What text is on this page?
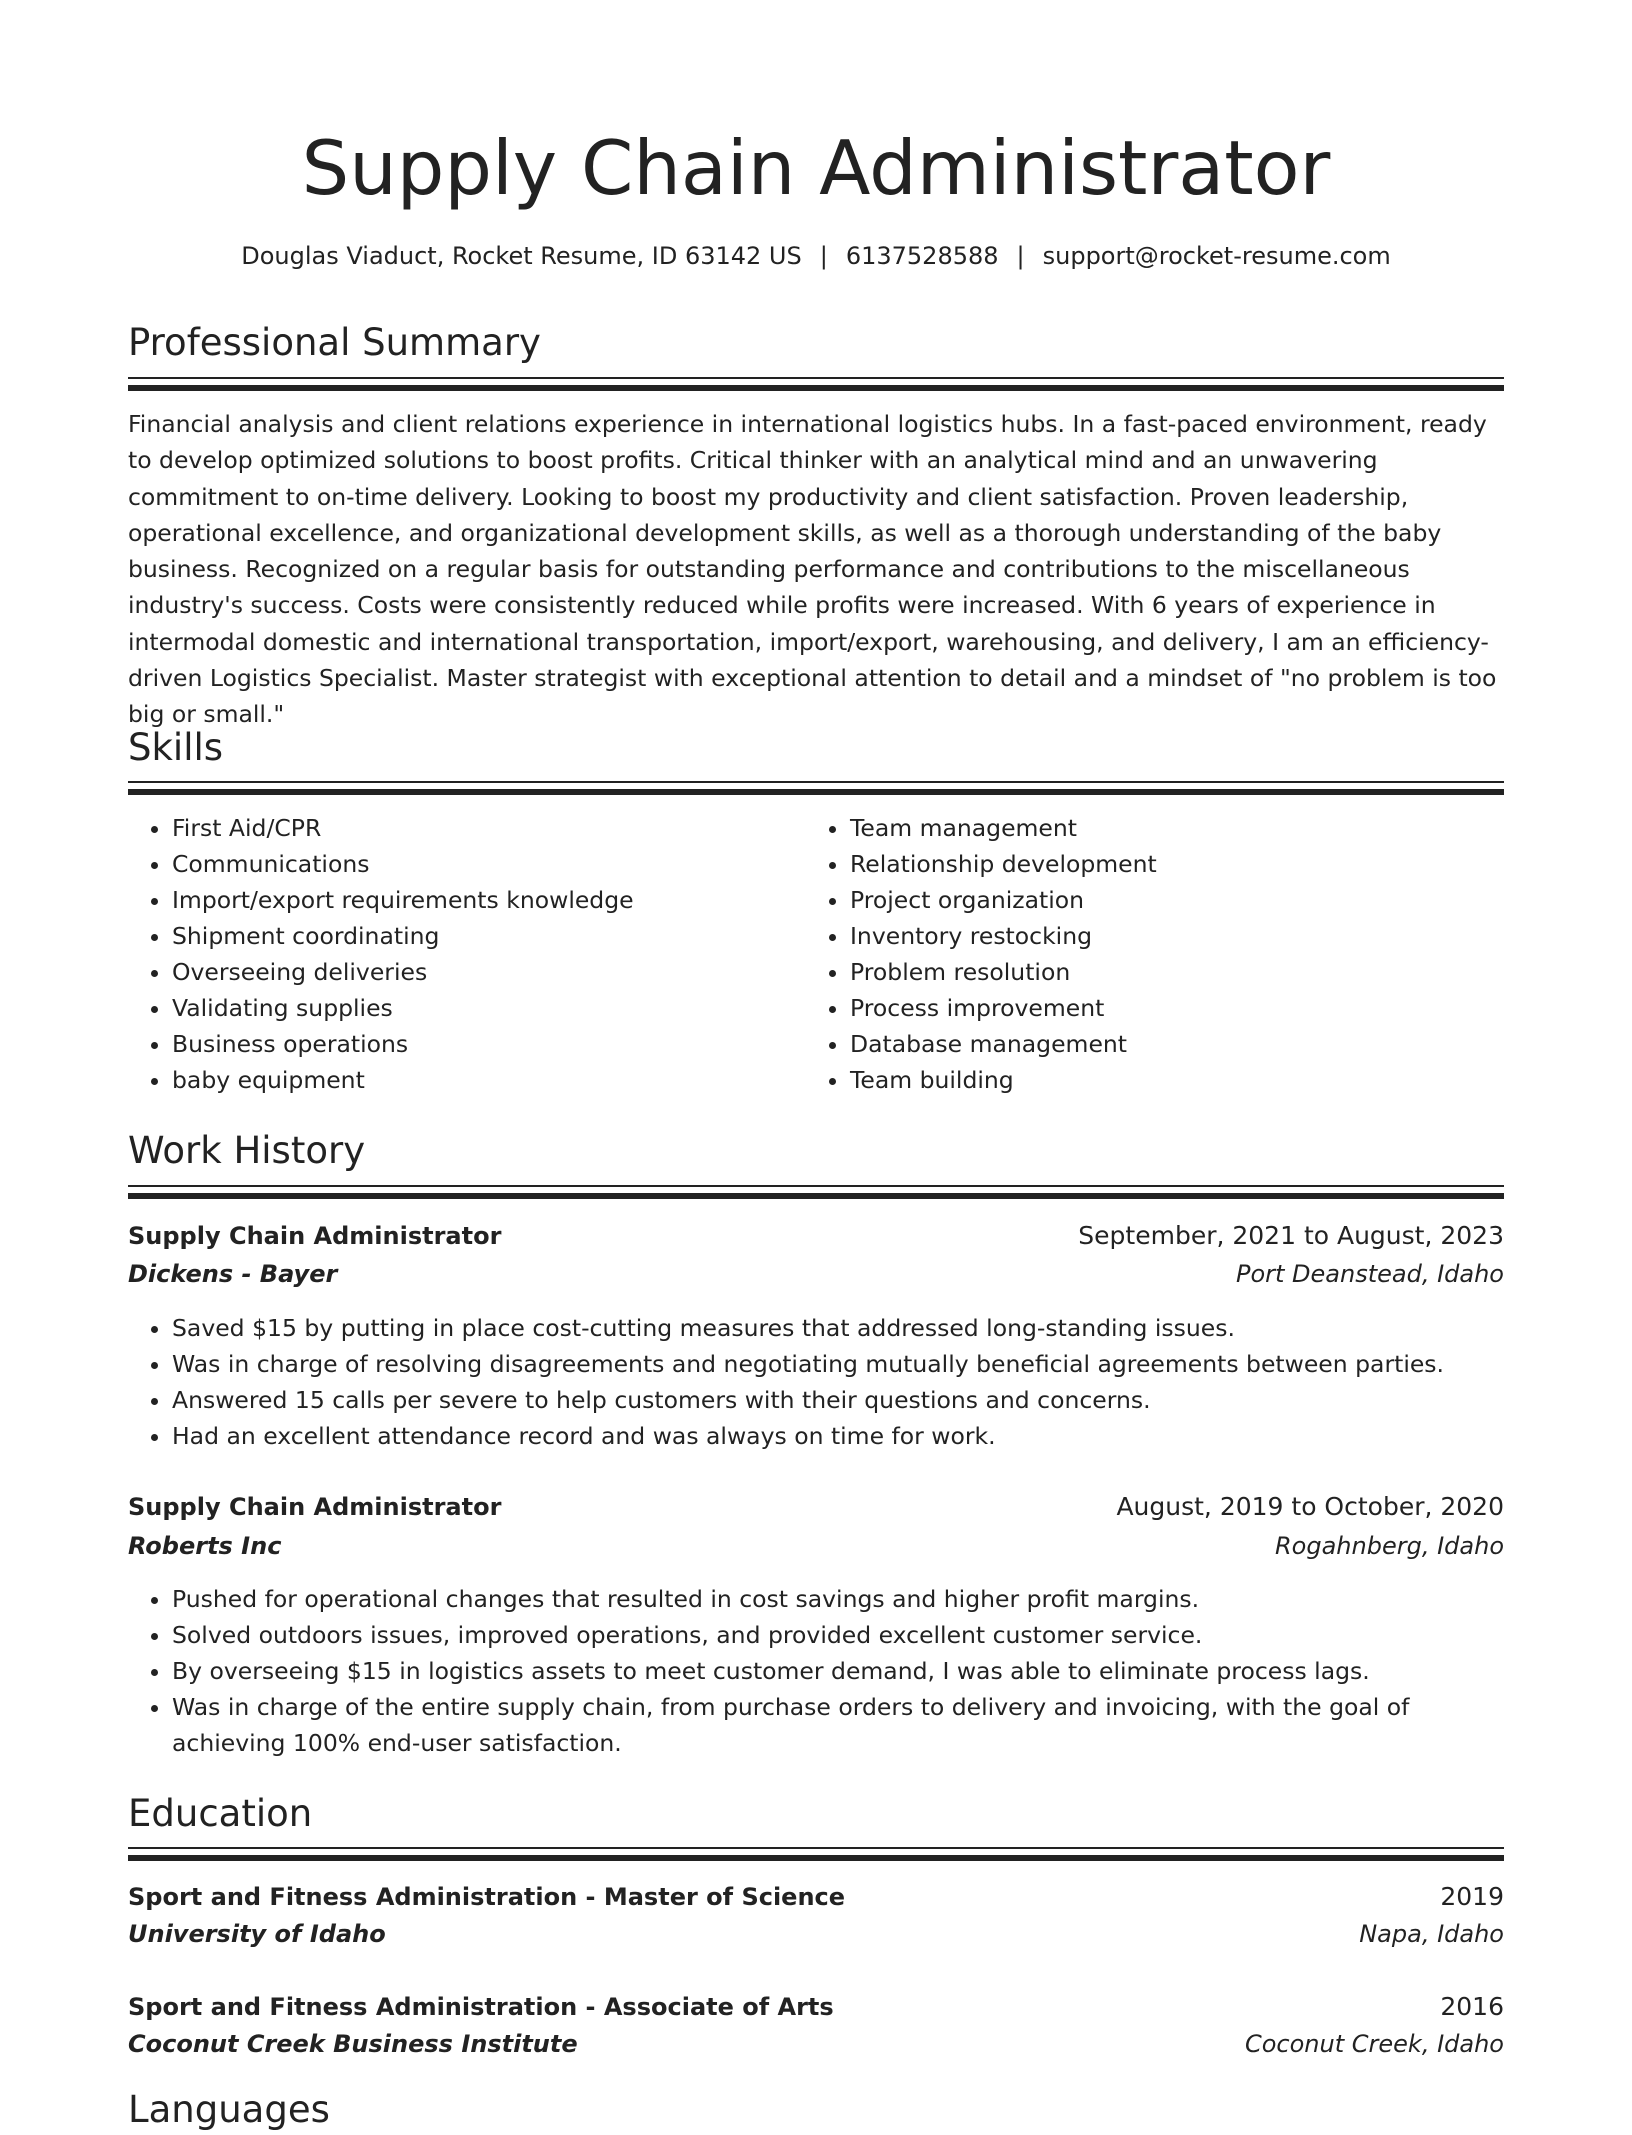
Supply Chain Administrator
Douglas Viaduct, Rocket Resume, ID 63142 US | 6137528588 | support@rocket-resume.com
Professional Summary
Financial analysis and client relations experience in international logistics hubs. In a fast-paced environment, ready to develop optimized solutions to boost profits. Critical thinker with an analytical mind and an unwavering commitment to on-time delivery. Looking to boost my productivity and client satisfaction. Proven leadership, operational excellence, and organizational development skills, as well as a thorough understanding of the baby business. Recognized on a regular basis for outstanding performance and contributions to the miscellaneous industry's success. Costs were consistently reduced while profits were increased. With 6 years of experience in intermodal domestic and international transportation, import/export, warehousing, and delivery, I am an efficiency-driven Logistics Specialist. Master strategist with exceptional attention to detail and a mindset of "no problem is too big or small."
Skills
• First Aid/CPR
• Communications
• Import/export requirements knowledge
• Shipment coordinating
• Overseeing deliveries
• Validating supplies
• Business operations
• baby equipment
• Team management
• Relationship development
• Project organization
• Inventory restocking
• Problem resolution
• Process improvement
• Database management
• Team building
Work History
Supply Chain Administrator	September, 2021 to August, 2023
Dickens - Bayer	Port Deanstead, Idaho
• Saved $15 by putting in place cost-cutting measures that addressed long-standing issues.
• Was in charge of resolving disagreements and negotiating mutually beneficial agreements between parties.
• Answered 15 calls per severe to help customers with their questions and concerns.
• Had an excellent attendance record and was always on time for work.
Supply Chain Administrator	August, 2019 to October, 2020
Roberts Inc	Rogahnberg, Idaho
• Pushed for operational changes that resulted in cost savings and higher profit margins.
• Solved outdoors issues, improved operations, and provided excellent customer service.
• By overseeing $15 in logistics assets to meet customer demand, I was able to eliminate process lags.
• Was in charge of the entire supply chain, from purchase orders to delivery and invoicing, with the goal of achieving 100% end-user satisfaction.
Education
Sport and Fitness Administration - Master of Science	2019
University of Idaho	Napa, Idaho
Sport and Fitness Administration - Associate of Arts	2016
Coconut Creek Business Institute	Coconut Creek, Idaho
Languages
